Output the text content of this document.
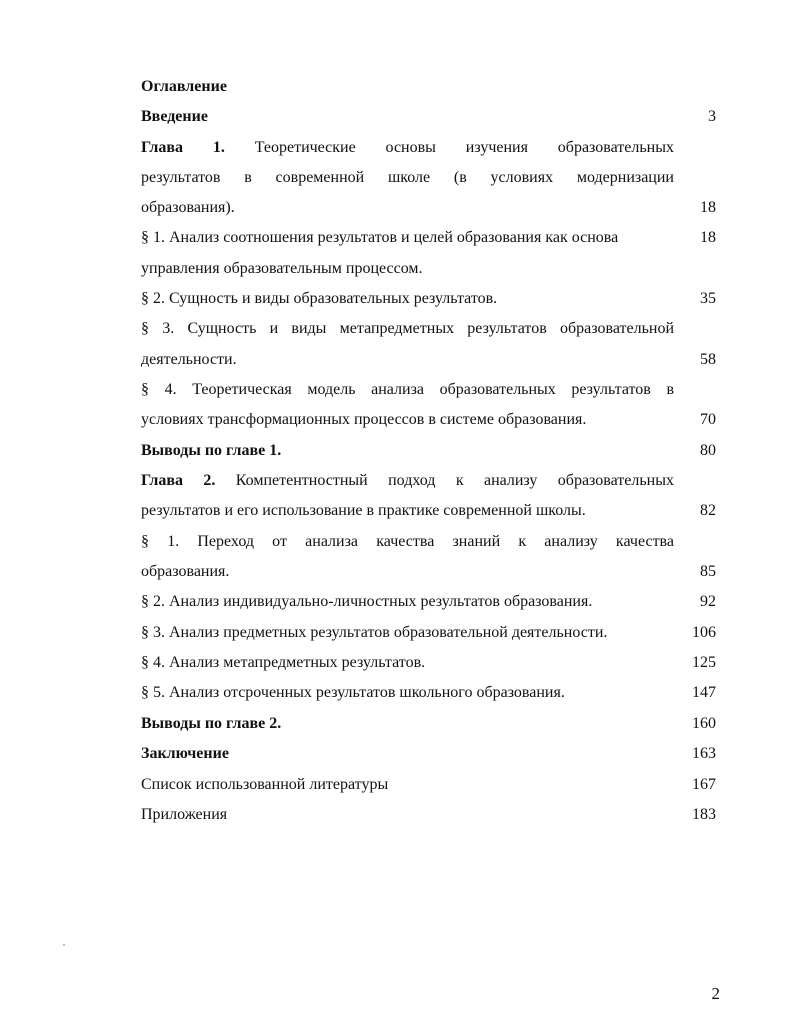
Оглавление
Введение	3
Глава 1. Теоретические основы изучения образовательных
результатов в современной школе (в условиях модернизации
образования).	18
§ 1. Анализ соотношения результатов и целей образования как основа	18
управления образовательным процессом.
§ 2. Сущность и виды образовательных результатов.	35
§ 3. Сущность и виды метапредметных результатов образовательной
деятельности.	58
§ 4. Теоретическая модель анализа образовательных результатов в
условиях трансформационных процессов в системе образования.	70
Выводы по главе 1.	80
Глава 2. Компетентностный подход к анализу образовательных
результатов и его использование в практике современной школы.	82
§ 1. Переход от анализа качества знаний к анализу качества
образования.	85
§ 2. Анализ индивидуально-личностных результатов образования.	92
§ 3. Анализ предметных результатов образовательной деятельности.	106
§ 4. Анализ метапредметных результатов.	125
§ 5. Анализ отсроченных результатов школьного образования.	147
Выводы по главе 2.	160
Заключение	163
Список использованной литературы	167
Приложения	183
2
